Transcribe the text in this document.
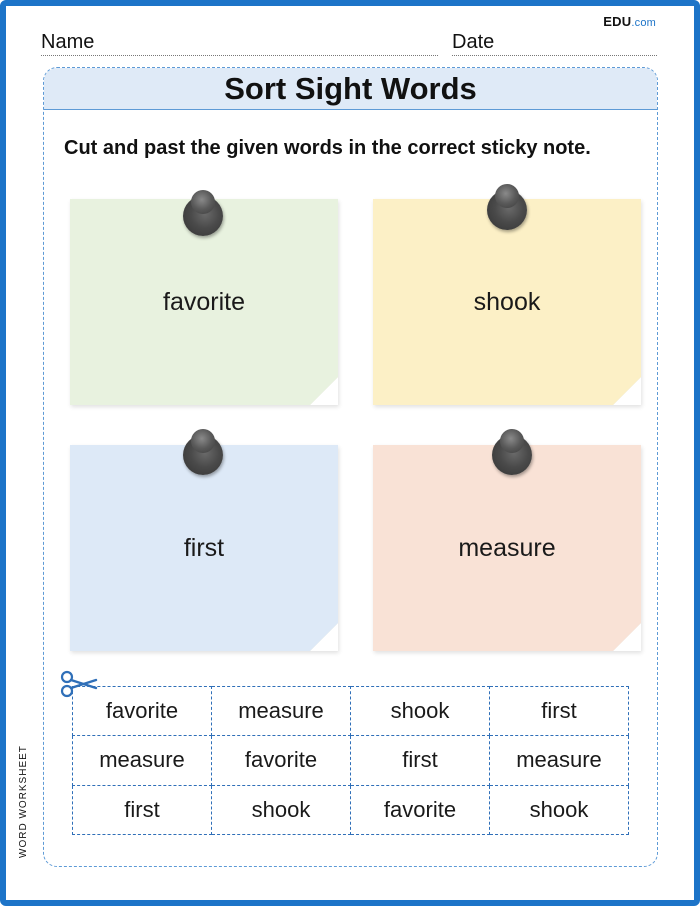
EDU.com
Name	Date
Sort Sight Words
Cut and past the given words in the correct sticky note.
favorite	shook
first	measure
favorite	measure	shook	first
measure	favorite	first	measure
first	shook	favorite	shook
WORD WORKSHEET
